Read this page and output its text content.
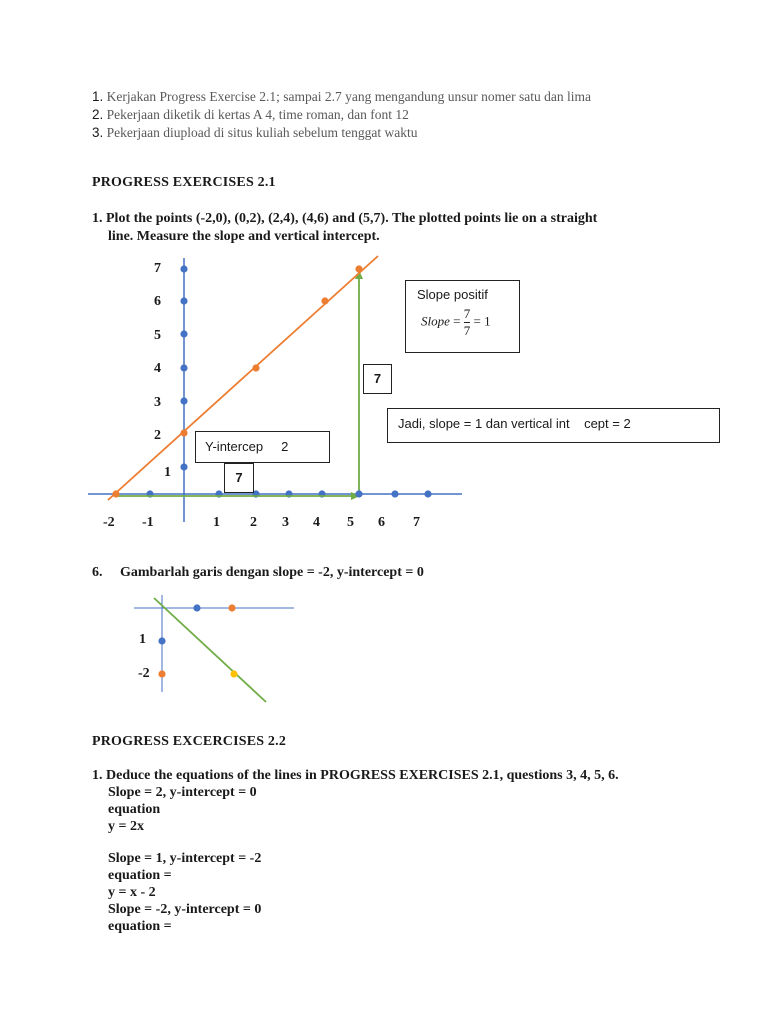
1. Kerjakan Progress Exercise 2.1; sampai 2.7 yang mengandung unsur nomer satu dan lima
2. Pekerjaan diketik di kertas A 4, time roman, dan font 12
3. Pekerjaan diupload di situs kuliah sebelum tenggat waktu
PROGRESS EXERCISES 2.1
1. Plot the points (-2,0), (0,2), (2,4), (4,6) and (5,7). The plotted points lie on a straight
line. Measure the slope and vertical intercept.
7
6
5
4
3
2
1
-2 -1	1 2 3 4 5 6 7
Slope positif
Slope = $\frac{7}{7} = 1$
7
Jadi, slope = 1 dan vertical int    cept = 2
Y-intercep     2
7
6.     Gambarlah garis dengan slope = -2, y-intercept = 0
1
-2
PROGRESS EXCERCISES 2.2
1. Deduce the equations of the lines in PROGRESS EXERCISES 2.1, questions 3, 4, 5, 6.
Slope = 2, y-intercept = 0
equation
y = 2x
Slope = 1, y-intercept = -2
equation =
y = x - 2
Slope = -2, y-intercept = 0
equation =
